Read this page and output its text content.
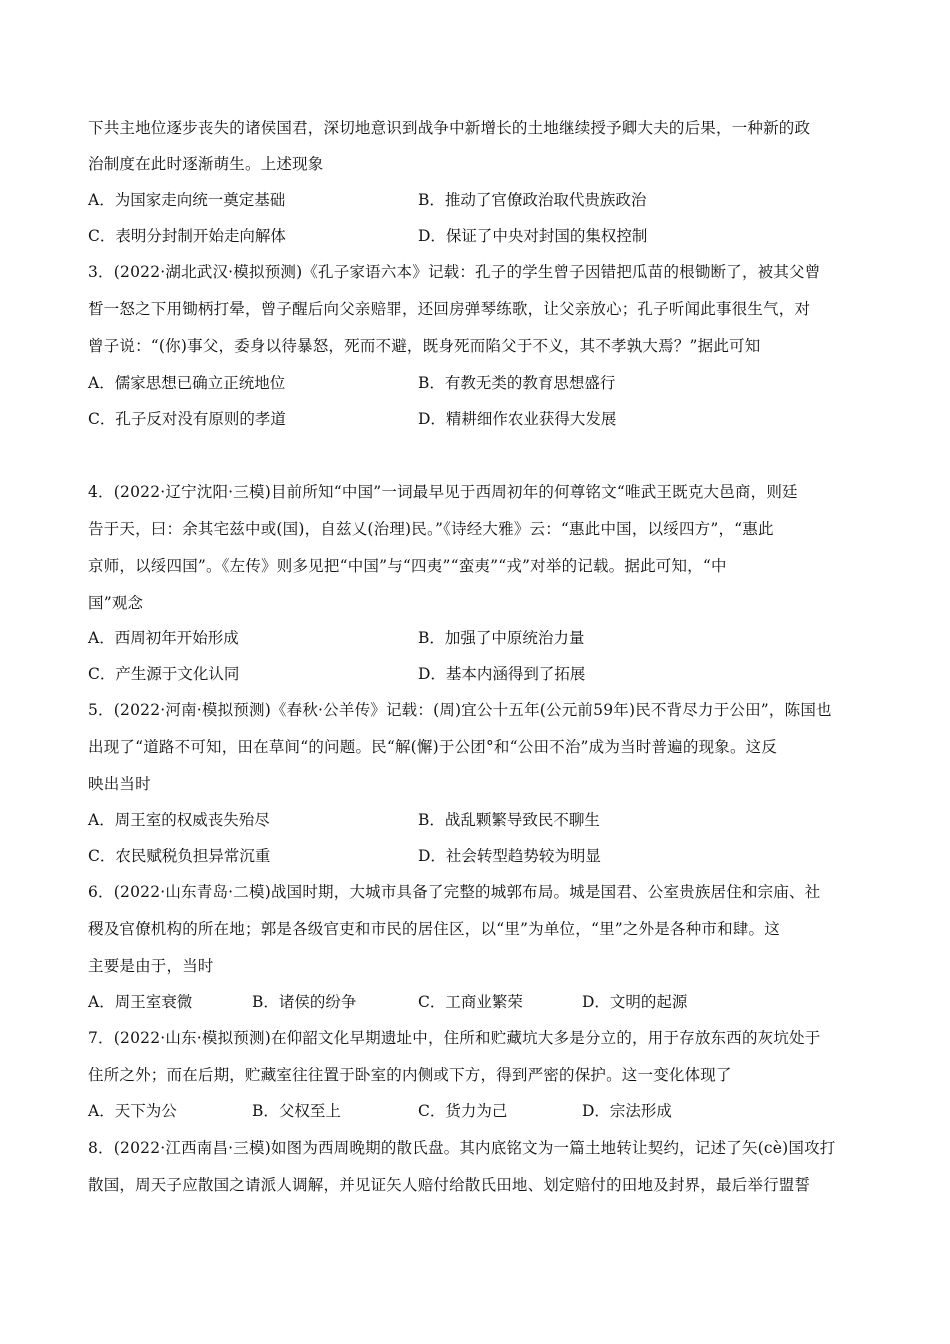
下共主地位逐步丧失的诸侯国君，深切地意识到战争中新增长的土地继续授予卿大夫的后果，一种新的政
治制度在此时逐渐萌生。上述现象
A．为国家走向统一奠定基础	B．推动了官僚政治取代贵族政治
C．表明分封制开始走向解体	D．保证了中央对封国的集权控制
3．(2022·湖北武汉·模拟预测)《孔子家语六本》记载：孔子的学生曾子因错把瓜苗的根锄断了，被其父曾
晳一怒之下用锄柄打晕，曾子醒后向父亲赔罪，还回房弹琴练歌，让父亲放心；孔子听闻此事很生气，对
曾子说：“(你)事父，委身以待暴怒，死而不避，既身死而陷父于不义，其不孝孰大焉？”据此可知
A．儒家思想已确立正统地位	B．有教无类的教育思想盛行
C．孔子反对没有原则的孝道	D．精耕细作农业获得大发展
4．(2022·辽宁沈阳·三模)目前所知“中国”一词最早见于西周初年的何尊铭文“唯武王既克大邑商，则廷
告于天，曰：余其宅兹中或(国)，自兹乂(治理)民。”《诗经大雅》云：“惠此中国，以绥四方”，“惠此
京师，以绥四国”。《左传》则多见把“中国”与“四夷”“蛮夷”“戎”对举的记载。据此可知，“中
国”观念
A．西周初年开始形成	B．加强了中原统治力量
C．产生源于文化认同	D．基本内涵得到了拓展
5．(2022·河南·模拟预测)《春秋·公羊传》记载：(周)宜公十五年(公元前59年)民不背尽力于公田”，陈国也
出现了“道路不可知，田在草间“的问题。民“解(懈)于公团°和“公田不治”成为当时普遍的现象。这反
映出当时
A．周王室的权威丧失殆尽	B．战乱颗繁导致民不聊生
C．农民赋税负担异常沉重	D．社会转型趋势较为明显
6．(2022·山东青岛·二模)战国时期，大城市具备了完整的城郭布局。城是国君、公室贵族居住和宗庙、社
稷及官僚机构的所在地；郭是各级官吏和市民的居住区，以“里”为单位，“里”之外是各种市和肆。这
主要是由于，当时
A．周王室衰微	B．诸侯的纷争	C．工商业繁荣	D．文明的起源
7．(2022·山东·模拟预测)在仰韶文化早期遗址中，住所和贮藏坑大多是分立的，用于存放东西的灰坑处于
住所之外；而在后期，贮藏室往往置于卧室的内侧或下方，得到严密的保护。这一变化体现了
A．天下为公	B．父权至上	C．货力为己	D．宗法形成
8．(2022·江西南昌·三模)如图为西周晚期的散氏盘。其内底铭文为一篇土地转让契约，记述了矢(cè)国攻打
散国，周天子应散国之请派人调解，并见证矢人赔付给散氏田地、划定赔付的田地及封界，最后举行盟誓
